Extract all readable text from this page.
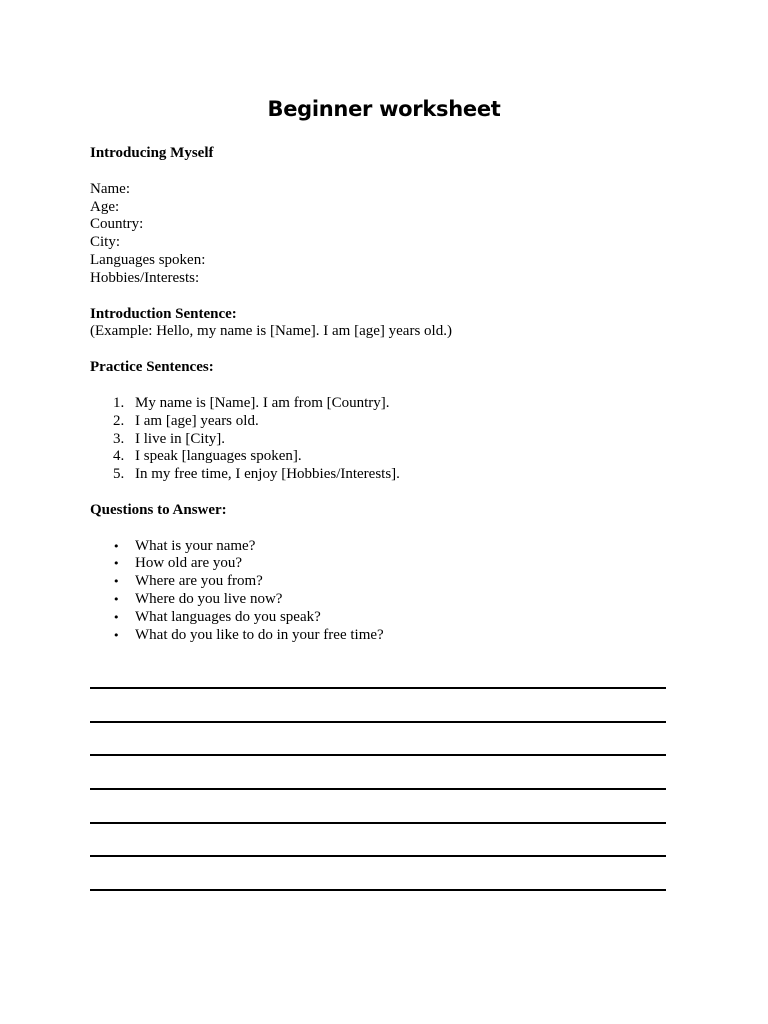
Beginner worksheet

Introducing Myself

Name:

Age:

Country:

City:

Languages spoken:

Hobbies/Interests:

Introduction Sentence:

(Example: Hello, my name is [Name]. I am [age] years old.)

Practice Sentences:

1. My name is [Name]. I am from [Country].
2. I am [age] years old.
3. I live in [City].
4. I speak [languages spoken].
5. In my free time, I enjoy [Hobbies/Interests].

Questions to Answer:

• What is your name?
• How old are you?
• Where are you from?
• Where do you live now?
• What languages do you speak?
• What do you like to do in your free time?
